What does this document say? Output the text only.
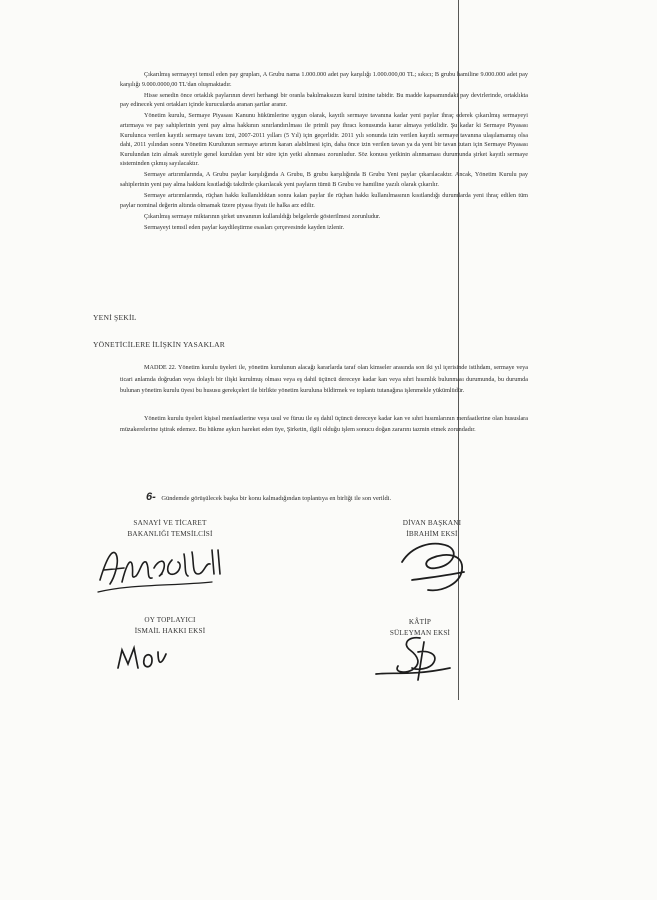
Çıkarılmış sermayeyi temsil eden pay grupları, A Grubu nama 1.000.000 adet pay karşılığı 1.000.000,00 TL; sıkıcı; B grubu hamiline 9.000.000 adet pay karşılığı 9.000.0000,00 TL'dan oluşmaktadır.

Hisse senedin önce ortaklık paylarının devri herhangi bir oranla bakılmaksızın kurul izinine tabidir. Bu madde kapsamındaki pay devirlerinde, ortaklıkta pay edinecek yeni ortakları içinde kurucularda aranan şartlar aranır.

Yönetim kurulu, Sermaye Piyasası Kanunu hükümlerine uygun olarak, kayıtlı sermaye tavanına kadar yeni paylar ihraç ederek çıkarılmış sermayeyi artırmaya ve pay sahiplerinin yeni pay alma hakkının sınırlandırılması ile primli pay ihracı konusunda karar almaya yetkilidir. Şu kadar ki Sermaye Piyasası Kurulunca verilen kayıtlı sermaye tavanı izni, 2007-2011 yılları (5 Yıl) için geçerlidir. 2011 yılı sonunda izin verilen kayıtlı sermaye tavanına ulaşılamamış olsa dahi, 2011 yılından sonra Yönetim Kurulunun sermaye artırım kararı alabilmesi için, daha önce izin verilen tavan ya da yeni bir tavan tutarı için Sermaye Piyasası Kurulundan izin almak suretiyle genel kuruldan yeni bir süre için yetki alınması zorunludur. Söz konusu yetkinin alınmaması durumunda şirket kayıtlı sermaye sisteminden çıkmış sayılacaktır.

Sermaye artırımlarında, A Grubu paylar karşılığında A Grubu, B grubu karşılığında B Grubu Yeni paylar çıkarılacaktır. Ancak, Yönetim Kurulu pay sahiplerinin yeni pay alma hakkını kısıtladığı takdirde çıkarılacak yeni payların tümü B Grubu ve hamiline yazılı olarak çıkarılır.

Sermaye artırımlarında, rüçhan hakkı kullanıldıktan sonra kalan paylar ile rüçhan hakkı kullanılmasının kısıtlandığı durumlarda yeni ihraç edilen tüm paylar nominal değerin altında olmamak üzere piyasa fiyatı ile halka arz edilir.

Çıkarılmış sermaye miktarının şirket unvanının kullanıldığı belgelerde gösterilmesi zorunludur.

Sermayeyi temsil eden paylar kaydileştirme esasları çerçevesinde kayden izlenir.

YENİ ŞEKİL
YÖNETİCİLERE İLİŞKİN YASAKLAR

MADDE 22. Yönetim kurulu üyeleri ile, yönetim kurulunun alacağı kararlarda taraf olan kimseler arasında son iki yıl içerisinde istihdam, sermaye veya ticari anlamda doğrudan veya dolaylı bir ilişki kurulmuş olması veya eş dahil üçüncü dereceye kadar kan veya sıhri hısımlık bulunması durumunda, bu durumda bulunan yönetim kurulu üyesi bu hususu gerekçeleri ile birlikte yönetim kuruluna bildirmek ve toplantı tutanağına işlenmekle yükümlüdür.

Yönetim kurulu üyeleri kişisel menfaatlerine veya usul ve füruu ile eş dahil üçüncü dereceye kadar kan ve sıhri hısımlarının menfaatlerine olan hususlara müzakerelerine iştirak edemez. Bu hükme aykırı hareket eden üye, Şirketin, ilgili olduğu işlem sonucu doğan zararını tazmin etmek zorundadır.

6- Gündemde görüşülecek başka bir konu kalmadığından toplantıya en birliği ile son verildi.
SANAYİ VE TİCARET
BAKANLIĞI TEMSİLCİSİ
DİVAN BAŞKANI
İBRAHİM EKSİ
OY TOPLAYICI
İSMAİL HAKKI EKSİ
KÂTİP
SÜLEYMAN EKSİ
